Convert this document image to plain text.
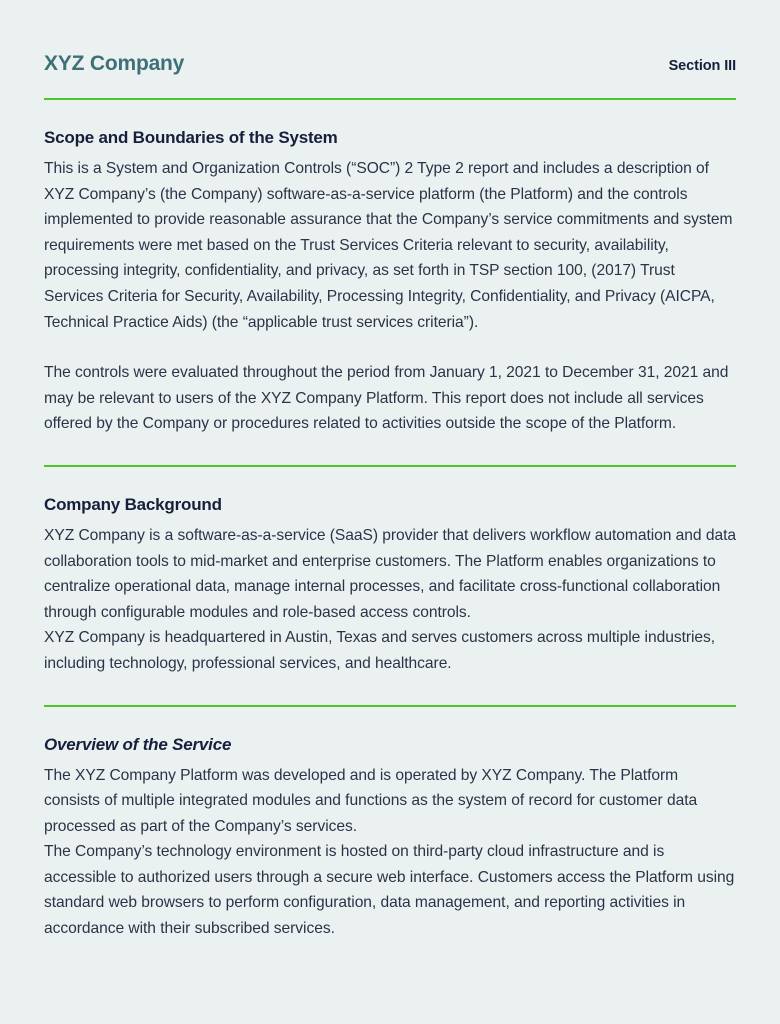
XYZ Company	Section III
Scope and Boundaries of the System

This is a System and Organization Controls (“SOC”) 2 Type 2 report and includes a description of XYZ Company’s (the Company) software-as-a-service platform (the Platform) and the controls implemented to provide reasonable assurance that the Company’s service commitments and system requirements were met based on the Trust Services Criteria relevant to security, availability, processing integrity, confidentiality, and privacy, as set forth in TSP section 100, (2017) Trust Services Criteria for Security, Availability, Processing Integrity, Confidentiality, and Privacy (AICPA, Technical Practice Aids) (the “applicable trust services criteria”).

The controls were evaluated throughout the period from January 1, 2021 to December 31, 2021 and may be relevant to users of the XYZ Company Platform. This report does not include all services offered by the Company or procedures related to activities outside the scope of the Platform.

Company Background

XYZ Company is a software-as-a-service (SaaS) provider that delivers workflow automation and data collaboration tools to mid-market and enterprise customers. The Platform enables organizations to centralize operational data, manage internal processes, and facilitate cross-functional collaboration through configurable modules and role-based access controls.

XYZ Company is headquartered in Austin, Texas and serves customers across multiple industries, including technology, professional services, and healthcare.

Overview of the Service

The XYZ Company Platform was developed and is operated by XYZ Company. The Platform consists of multiple integrated modules and functions as the system of record for customer data processed as part of the Company’s services.

The Company’s technology environment is hosted on third-party cloud infrastructure and is accessible to authorized users through a secure web interface. Customers access the Platform using standard web browsers to perform configuration, data management, and reporting activities in accordance with their subscribed services.
